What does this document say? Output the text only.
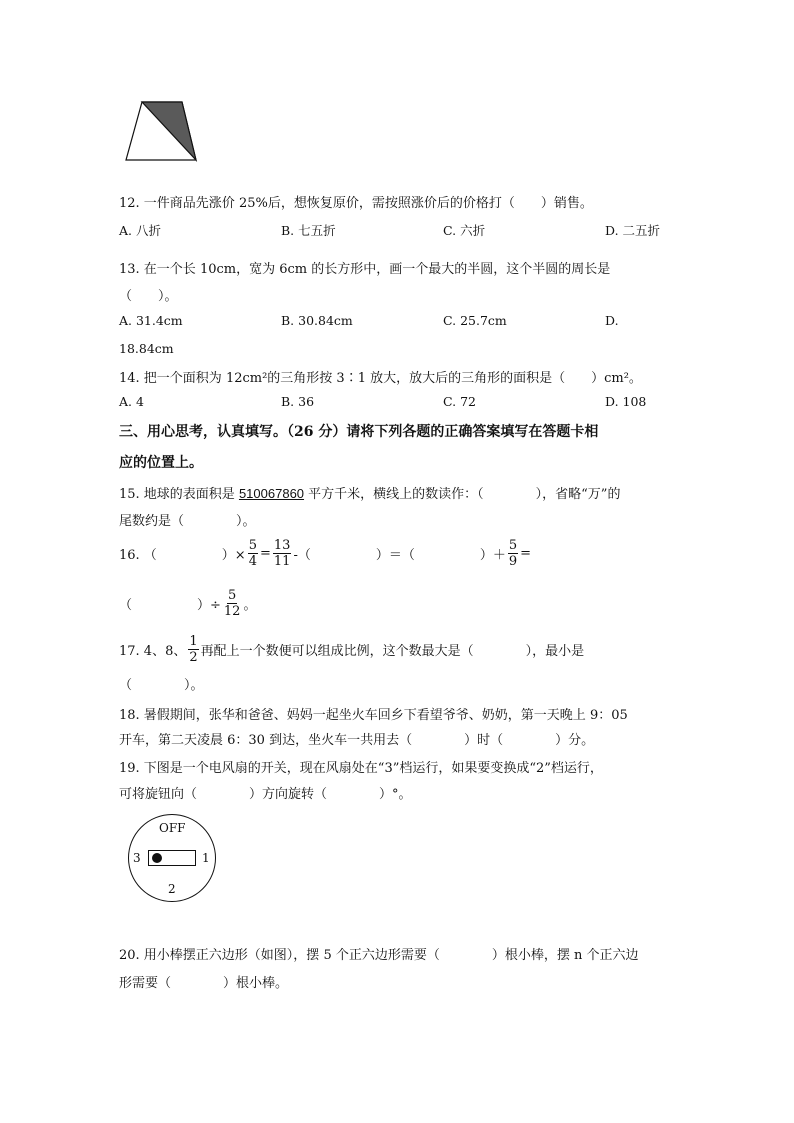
12. 一件商品先涨价 25%后，想恢复原价，需按照涨价后的价格打（　　）销售。
A. 八折	B. 七五折	C. 六折	D. 二五折
13. 在一个长 10cm，宽为 6cm 的长方形中，画一个最大的半圆，这个半圆的周长是
（　　）。
A. 31.4cm	B. 30.84cm	C. 25.7cm	D.
18.84cm
14. 把一个面积为 12cm²的三角形按 3∶1 放大，放大后的三角形的面积是（　　）cm²。
A. 4	B. 36	C. 72	D. 108
三、用心思考，认真填写。（26 分）请将下列各题的正确答案填写在答题卡相
应的位置上。
15. 地球的表面积是 510067860 平方千米，横线上的数读作：（　　　　），省略“万”的
尾数约是（　　　　）。
16. （　　　　　）× $\frac{5}{4} = \frac{13}{11}$ -（　　　　　）＝（　　　　　）＋ $\frac{5}{9}$ =
（　　　　　）÷ $\frac{5}{12}$ 。
17. 4、8、 $\frac{1}{2}$ 再配上一个数便可以组成比例，这个数最大是（　　　　），最小是
（　　　　）。
18. 暑假期间，张华和爸爸、妈妈一起坐火车回乡下看望爷爷、奶奶，第一天晚上 9：05
开车，第二天凌晨 6：30 到达，坐火车一共用去（　　　　）时（　　　　）分。
19. 下图是一个电风扇的开关，现在风扇处在“3”档运行，如果要变换成“2”档运行，
可将旋钮向（　　　　）方向旋转（　　　　）°。
OFF
3	1
2
20. 用小棒摆正六边形（如图），摆 5 个正六边形需要（　　　　）根小棒，摆 n 个正六边
形需要（　　　　）根小棒。
